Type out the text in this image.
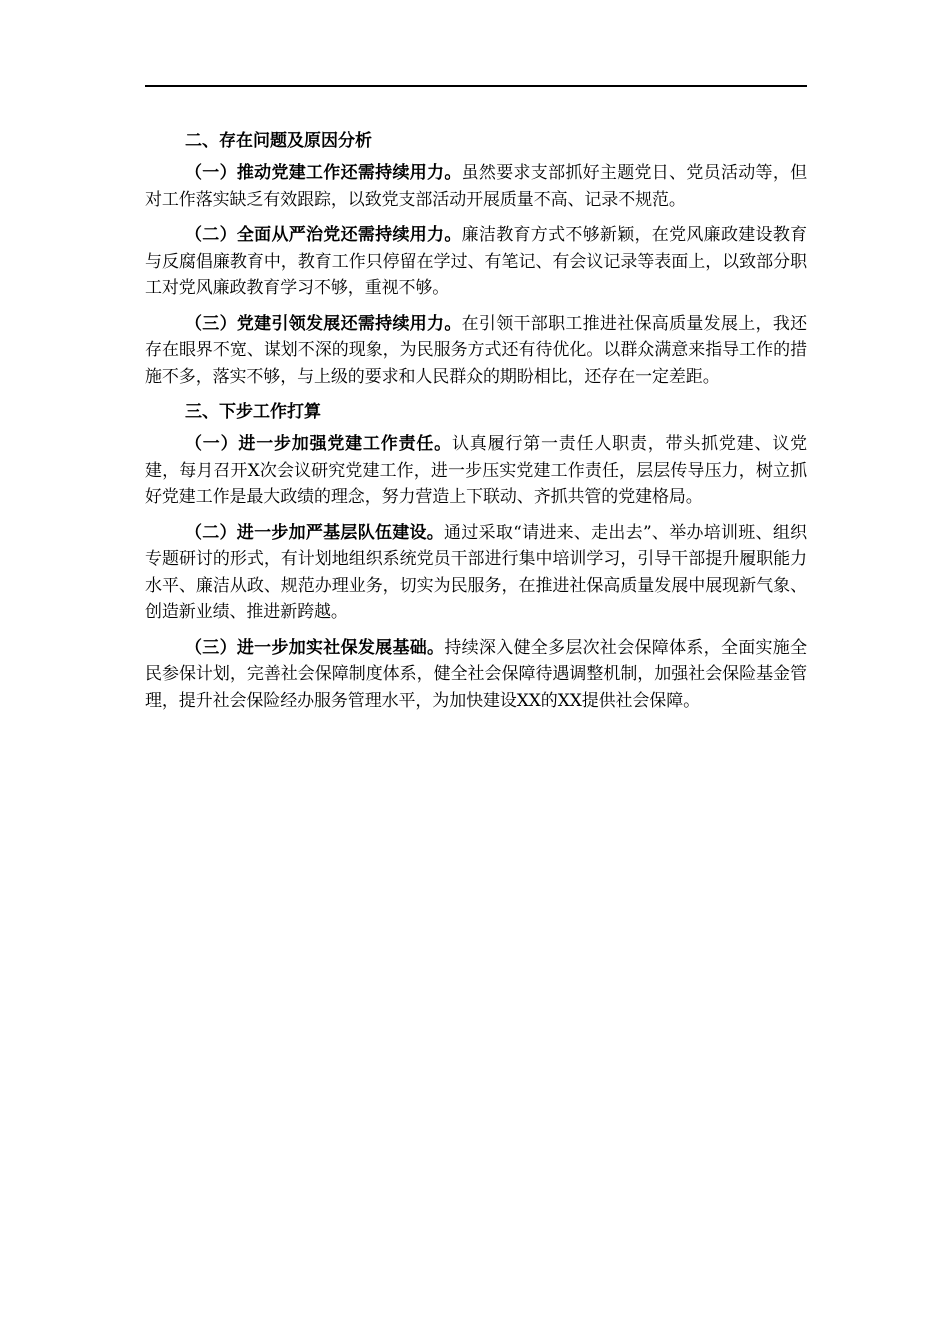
二、存在问题及原因分析

（一）推动党建工作还需持续用力。虽然要求支部抓好主题党日、党员活动等，但对工作落实缺乏有效跟踪，以致党支部活动开展质量不高、记录不规范。

（二）全面从严治党还需持续用力。廉洁教育方式不够新颖，在党风廉政建设教育与反腐倡廉教育中，教育工作只停留在学过、有笔记、有会议记录等表面上，以致部分职工对党风廉政教育学习不够，重视不够。

（三）党建引领发展还需持续用力。在引领干部职工推进社保高质量发展上，我还存在眼界不宽、谋划不深的现象，为民服务方式还有待优化。以群众满意来指导工作的措施不多，落实不够，与上级的要求和人民群众的期盼相比，还存在一定差距。

三、下步工作打算

（一）进一步加强党建工作责任。认真履行第一责任人职责，带头抓党建、议党建，每月召开X次会议研究党建工作，进一步压实党建工作责任，层层传导压力，树立抓好党建工作是最大政绩的理念，努力营造上下联动、齐抓共管的党建格局。

（二）进一步加严基层队伍建设。通过采取“请进来、走出去”、举办培训班、组织专题研讨的形式，有计划地组织系统党员干部进行集中培训学习，引导干部提升履职能力水平、廉洁从政、规范办理业务，切实为民服务，在推进社保高质量发展中展现新气象、创造新业绩、推进新跨越。

（三）进一步加实社保发展基础。持续深入健全多层次社会保障体系，全面实施全民参保计划，完善社会保障制度体系，健全社会保障待遇调整机制，加强社会保险基金管理，提升社会保险经办服务管理水平，为加快建设XX的XX提供社会保障。
